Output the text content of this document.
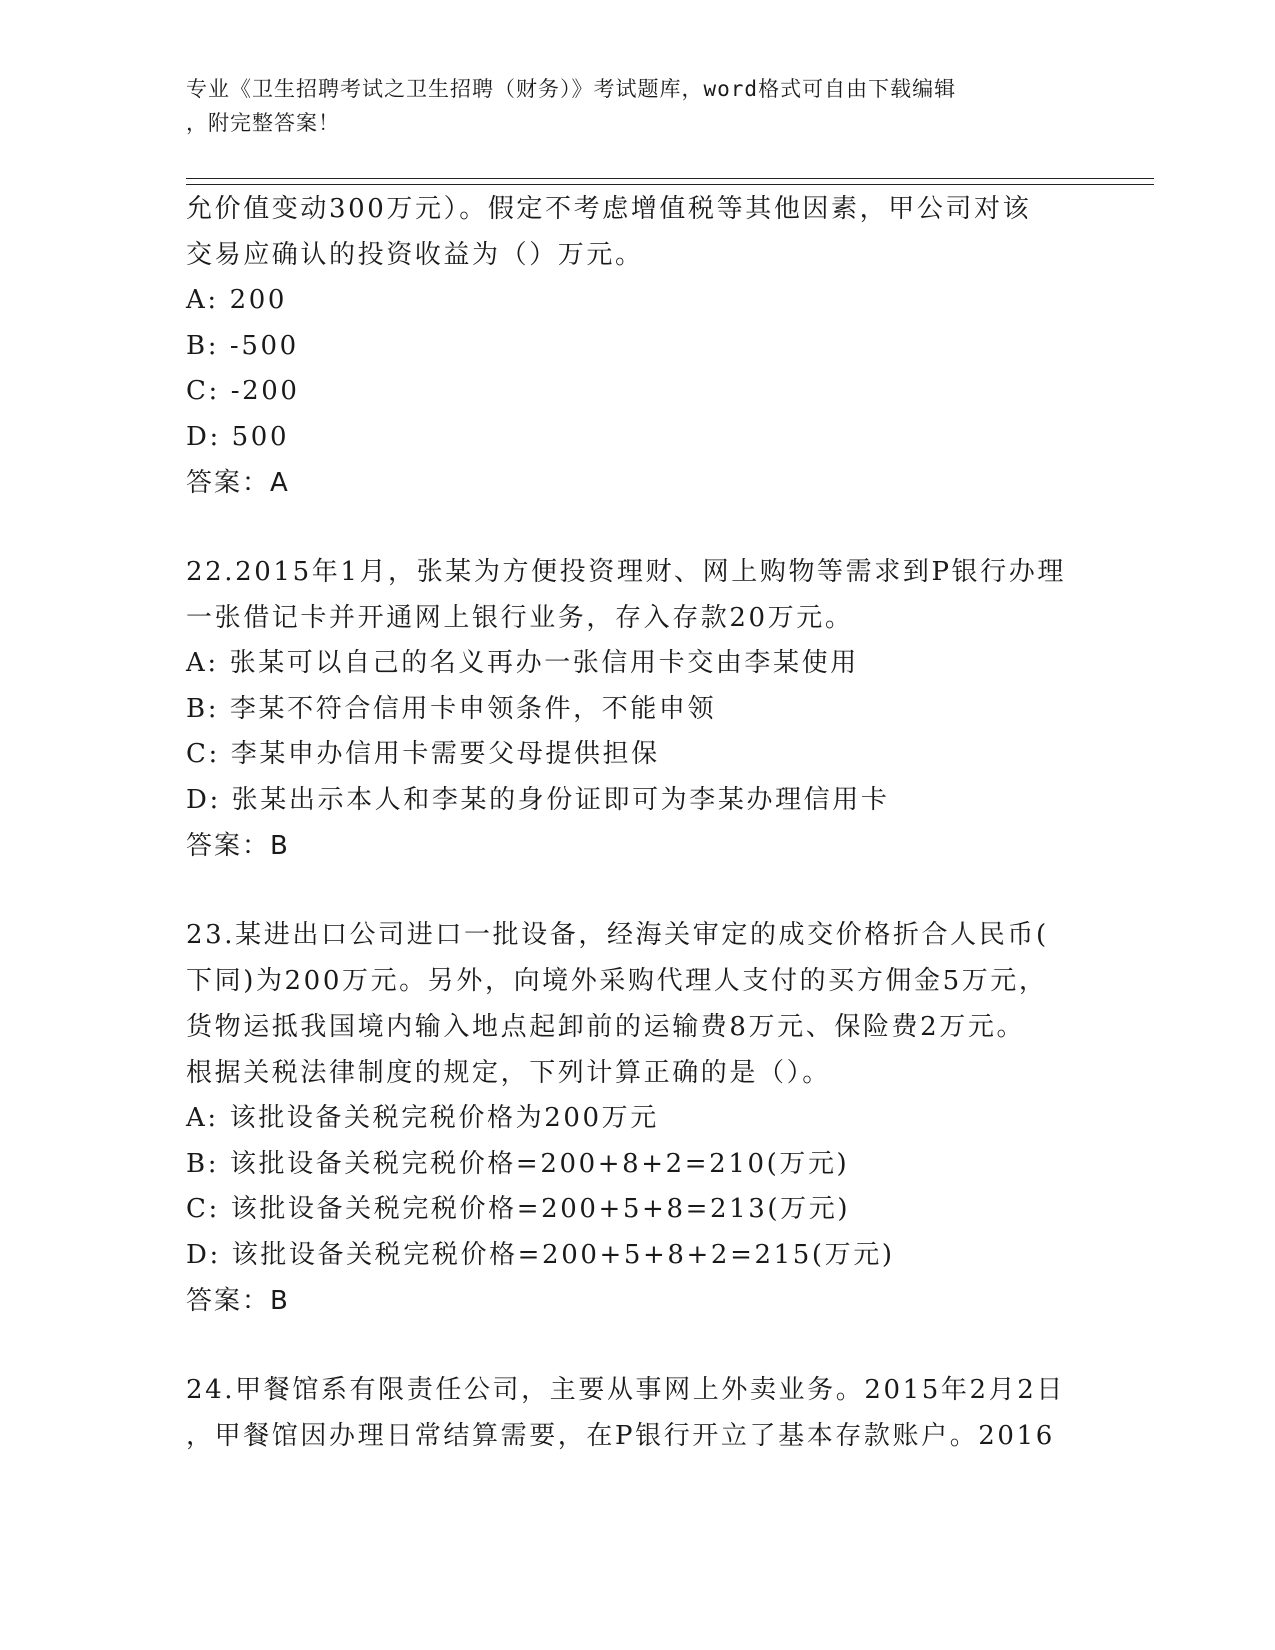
专业《卫生招聘考试之卫生招聘（财务）》考试题库，word格式可自由下载编辑
，附完整答案！
允价值变动300万元）。假定不考虑增值税等其他因素，甲公司对该
交易应确认的投资收益为（）万元。
A: 200
B: -500
C: -200
D: 500
答案：A
22.2015年1月，张某为方便投资理财、网上购物等需求到P银行办理
一张借记卡并开通网上银行业务，存入存款20万元。
A: 张某可以自己的名义再办一张信用卡交由李某使用
B: 李某不符合信用卡申领条件，不能申领
C: 李某申办信用卡需要父母提供担保
D: 张某出示本人和李某的身份证即可为李某办理信用卡
答案：B
23.某进出口公司进口一批设备，经海关审定的成交价格折合人民币(
下同)为200万元。另外，向境外采购代理人支付的买方佣金5万元，
货物运抵我国境内输入地点起卸前的运输费8万元、保险费2万元。
根据关税法律制度的规定，下列计算正确的是（）。
A: 该批设备关税完税价格为200万元
B: 该批设备关税完税价格=200+8+2=210(万元)
C: 该批设备关税完税价格=200+5+8=213(万元)
D: 该批设备关税完税价格=200+5+8+2=215(万元)
答案：B
24.甲餐馆系有限责任公司，主要从事网上外卖业务。2015年2月2日
，甲餐馆因办理日常结算需要，在P银行开立了基本存款账户。2016
